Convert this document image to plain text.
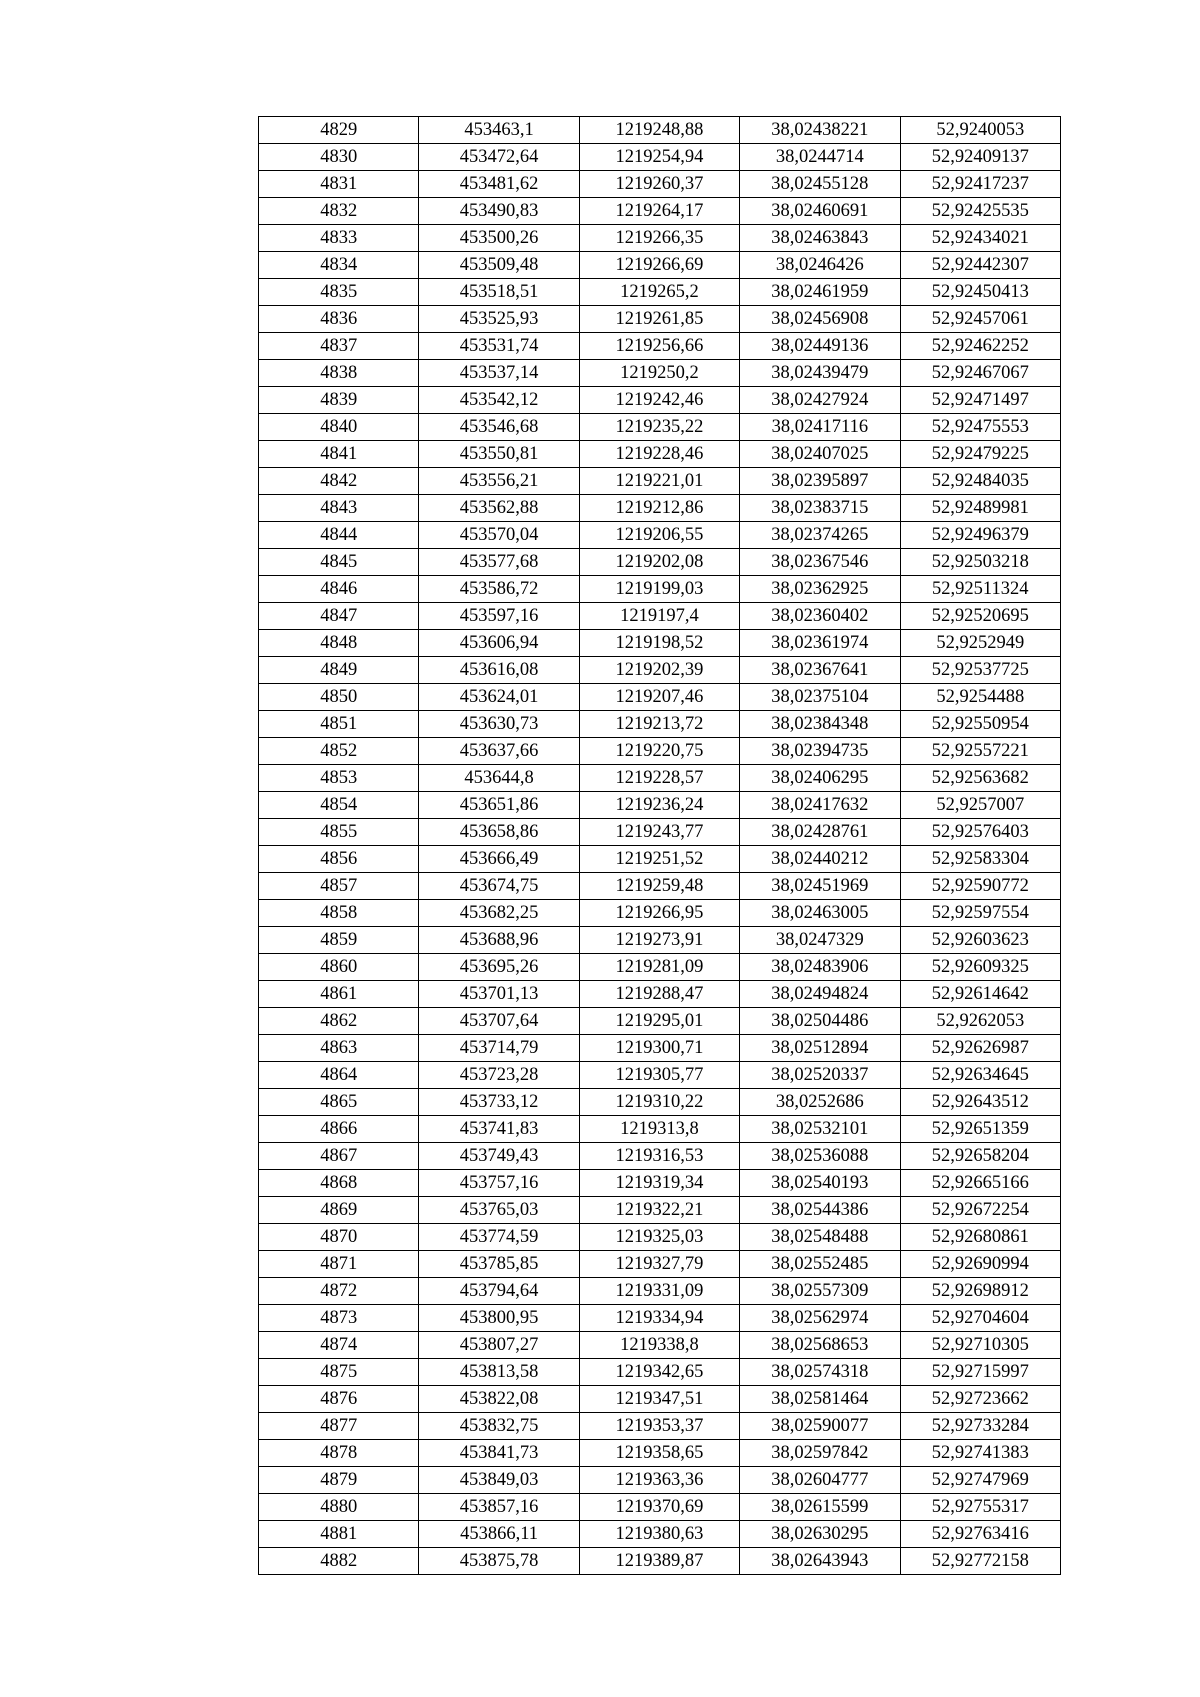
4829	453463,1	1219248,88	38,02438221	52,9240053
4830	453472,64	1219254,94	38,0244714	52,92409137
4831	453481,62	1219260,37	38,02455128	52,92417237
4832	453490,83	1219264,17	38,02460691	52,92425535
4833	453500,26	1219266,35	38,02463843	52,92434021
4834	453509,48	1219266,69	38,0246426	52,92442307
4835	453518,51	1219265,2	38,02461959	52,92450413
4836	453525,93	1219261,85	38,02456908	52,92457061
4837	453531,74	1219256,66	38,02449136	52,92462252
4838	453537,14	1219250,2	38,02439479	52,92467067
4839	453542,12	1219242,46	38,02427924	52,92471497
4840	453546,68	1219235,22	38,02417116	52,92475553
4841	453550,81	1219228,46	38,02407025	52,92479225
4842	453556,21	1219221,01	38,02395897	52,92484035
4843	453562,88	1219212,86	38,02383715	52,92489981
4844	453570,04	1219206,55	38,02374265	52,92496379
4845	453577,68	1219202,08	38,02367546	52,92503218
4846	453586,72	1219199,03	38,02362925	52,92511324
4847	453597,16	1219197,4	38,02360402	52,92520695
4848	453606,94	1219198,52	38,02361974	52,9252949
4849	453616,08	1219202,39	38,02367641	52,92537725
4850	453624,01	1219207,46	38,02375104	52,9254488
4851	453630,73	1219213,72	38,02384348	52,92550954
4852	453637,66	1219220,75	38,02394735	52,92557221
4853	453644,8	1219228,57	38,02406295	52,92563682
4854	453651,86	1219236,24	38,02417632	52,9257007
4855	453658,86	1219243,77	38,02428761	52,92576403
4856	453666,49	1219251,52	38,02440212	52,92583304
4857	453674,75	1219259,48	38,02451969	52,92590772
4858	453682,25	1219266,95	38,02463005	52,92597554
4859	453688,96	1219273,91	38,0247329	52,92603623
4860	453695,26	1219281,09	38,02483906	52,92609325
4861	453701,13	1219288,47	38,02494824	52,92614642
4862	453707,64	1219295,01	38,02504486	52,9262053
4863	453714,79	1219300,71	38,02512894	52,92626987
4864	453723,28	1219305,77	38,02520337	52,92634645
4865	453733,12	1219310,22	38,0252686	52,92643512
4866	453741,83	1219313,8	38,02532101	52,92651359
4867	453749,43	1219316,53	38,02536088	52,92658204
4868	453757,16	1219319,34	38,02540193	52,92665166
4869	453765,03	1219322,21	38,02544386	52,92672254
4870	453774,59	1219325,03	38,02548488	52,92680861
4871	453785,85	1219327,79	38,02552485	52,92690994
4872	453794,64	1219331,09	38,02557309	52,92698912
4873	453800,95	1219334,94	38,02562974	52,92704604
4874	453807,27	1219338,8	38,02568653	52,92710305
4875	453813,58	1219342,65	38,02574318	52,92715997
4876	453822,08	1219347,51	38,02581464	52,92723662
4877	453832,75	1219353,37	38,02590077	52,92733284
4878	453841,73	1219358,65	38,02597842	52,92741383
4879	453849,03	1219363,36	38,02604777	52,92747969
4880	453857,16	1219370,69	38,02615599	52,92755317
4881	453866,11	1219380,63	38,02630295	52,92763416
4882	453875,78	1219389,87	38,02643943	52,92772158
